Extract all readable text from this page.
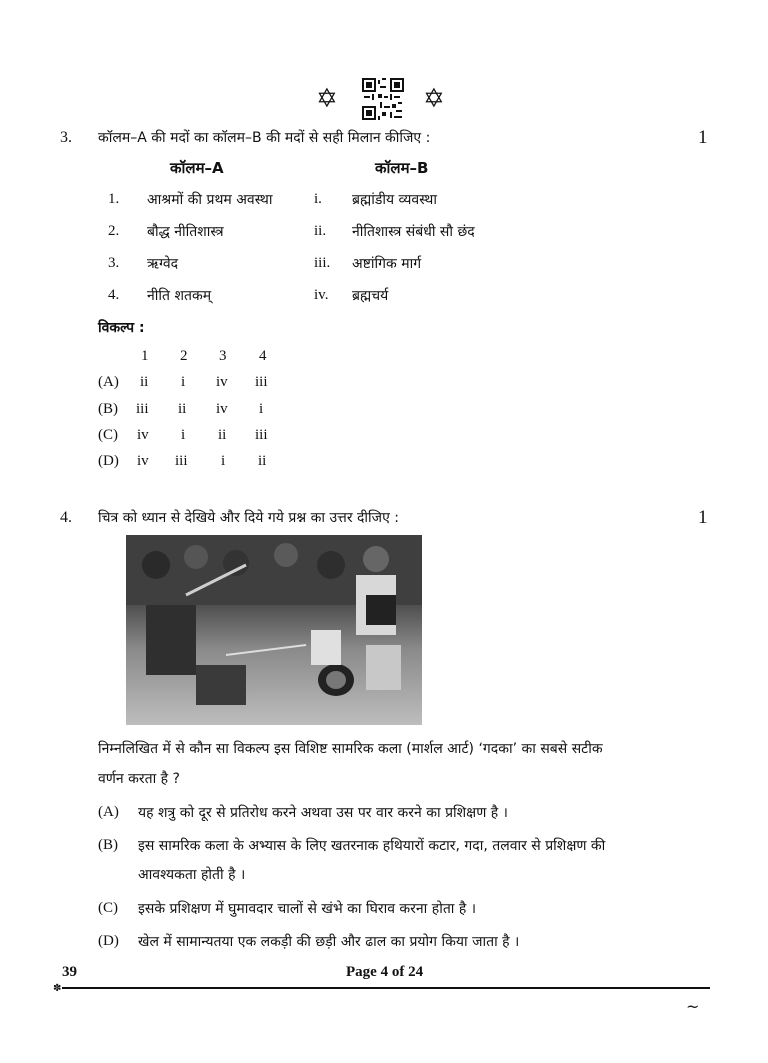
✡	✡
3. कॉलम–A की मदों का कॉलम–B की मदों से सही मिलान कीजिए :	1
कॉलम–A	कॉलम–B
1. आश्रमों की प्रथम अवस्था	i. ब्रह्मांडीय व्यवस्था
2. बौद्ध नीतिशास्त्र	ii. नीतिशास्त्र संबंधी सौ छंद
3. ऋग्वेद	iii. अष्टांगिक मार्ग
4. नीति शतकम्	iv. ब्रह्मचर्य
विकल्प :
1 2 3 4
(A) ii i iv iii
(B) iii ii iv i
(C) iv i ii iii
(D) iv iii i ii
4. चित्र को ध्यान से देखिये और दिये गये प्रश्न का उत्तर दीजिए :	1
निम्नलिखित में से कौन सा विकल्प इस विशिष्ट सामरिक कला (मार्शल आर्ट) ‘गदका’ का सबसे सटीक
वर्णन करता है ?
(A) यह शत्रु को दूर से प्रतिरोध करने अथवा उस पर वार करने का प्रशिक्षण है ।
(B) इस सामरिक कला के अभ्यास के लिए खतरनाक हथियारों कटार, गदा, तलवार से प्रशिक्षण की
आवश्यकता होती है ।
(C) इसके प्रशिक्षण में घुमावदार चालों से खंभे का घिराव करना होता है ।
(D) खेल में सामान्यतया एक लकड़ी की छड़ी और ढाल का प्रयोग किया जाता है ।
39	Page 4 of 24
✽
~
